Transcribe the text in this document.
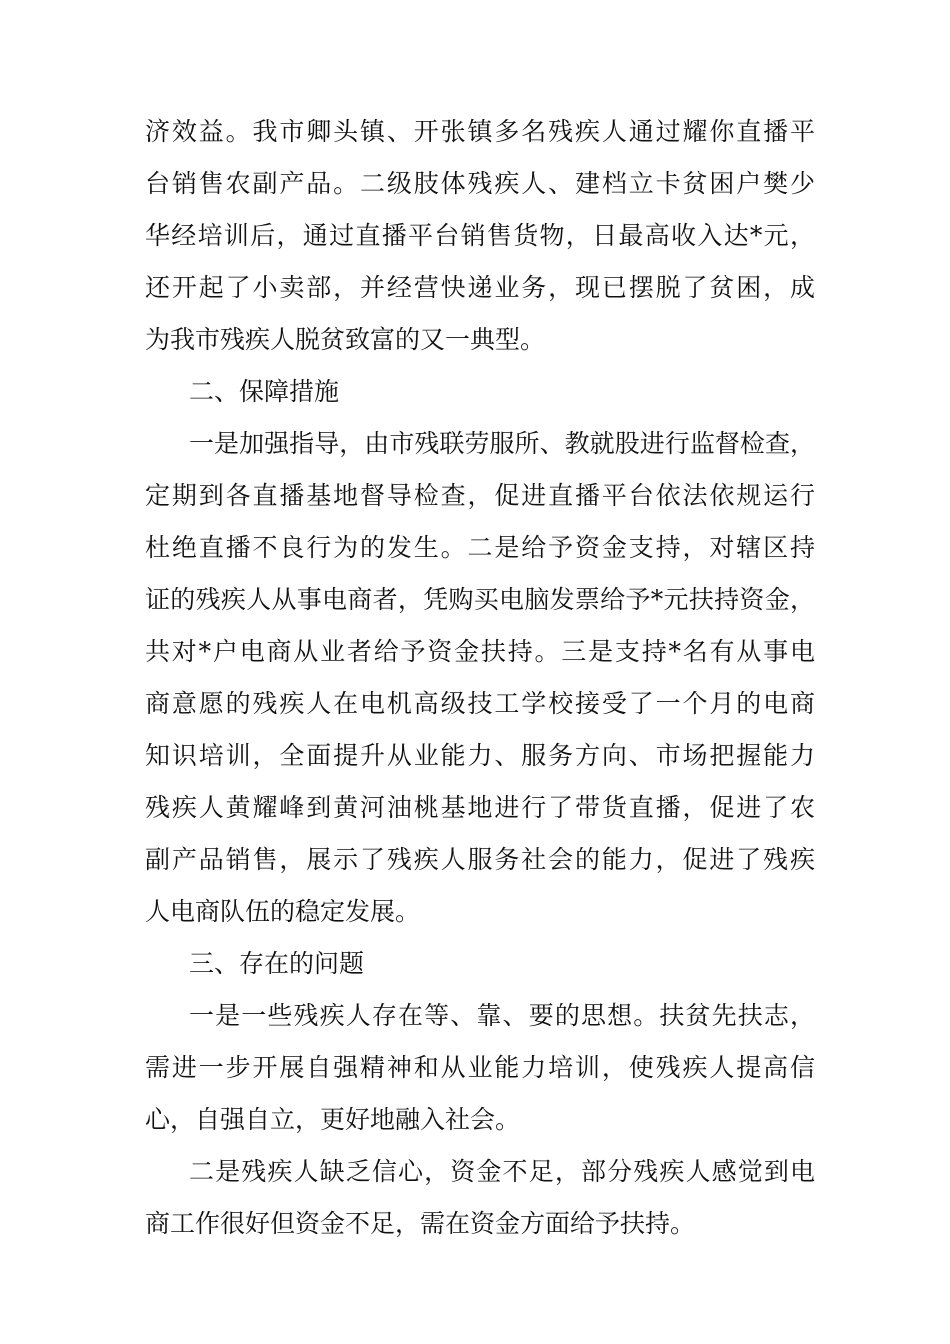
济效益。我市卿头镇、开张镇多名残疾人通过耀你直播平
台销售农副产品。二级肢体残疾人、建档立卡贫困户樊少
华经培训后，通过直播平台销售货物，日最高收入达*元，
还开起了小卖部，并经营快递业务，现已摆脱了贫困，成
为我市残疾人脱贫致富的又一典型。
二、保障措施
一是加强指导，由市残联劳服所、教就股进行监督检查，
定期到各直播基地督导检查，促进直播平台依法依规运行
杜绝直播不良行为的发生。二是给予资金支持，对辖区持
证的残疾人从事电商者，凭购买电脑发票给予*元扶持资金，
共对*户电商从业者给予资金扶持。三是支持*名有从事电
商意愿的残疾人在电机高级技工学校接受了一个月的电商
知识培训，全面提升从业能力、服务方向、市场把握能力
残疾人黄耀峰到黄河油桃基地进行了带货直播，促进了农
副产品销售，展示了残疾人服务社会的能力，促进了残疾
人电商队伍的稳定发展。
三、存在的问题
一是一些残疾人存在等、靠、要的思想。扶贫先扶志，
需进一步开展自强精神和从业能力培训，使残疾人提高信
心，自强自立，更好地融入社会。
二是残疾人缺乏信心，资金不足，部分残疾人感觉到电
商工作很好但资金不足，需在资金方面给予扶持。
